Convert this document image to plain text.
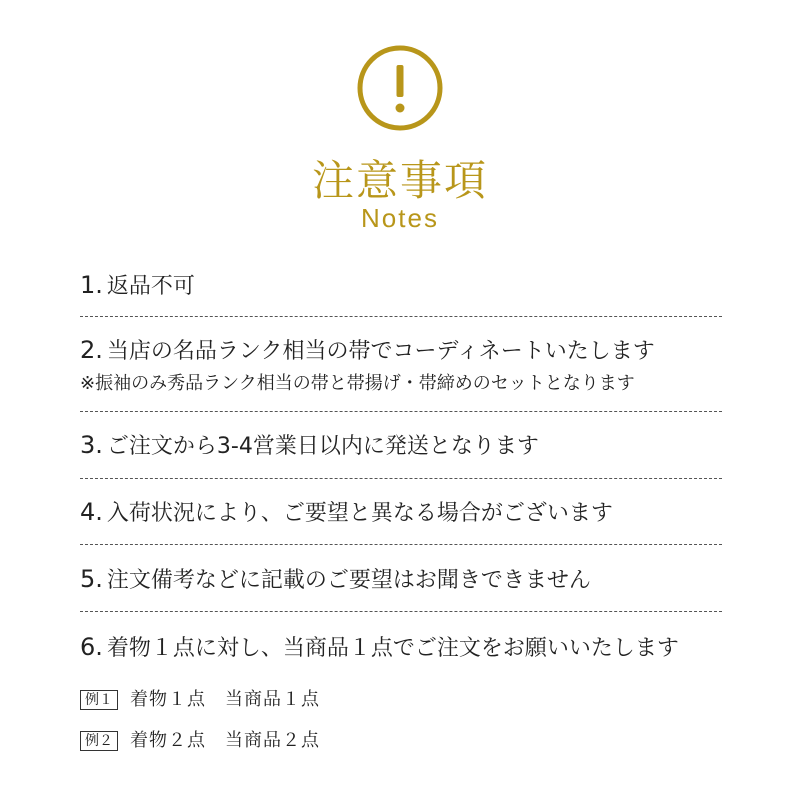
注意事項
Notes
1. 返品不可
2. 当店の名品ランク相当の帯でコーディネートいたします
※振袖のみ秀品ランク相当の帯と帯揚げ・帯締めのセットとなります
3. ご注文から3-4営業日以内に発送となります
4. 入荷状況により、ご要望と異なる場合がございます
5. 注文備考などに記載のご要望はお聞きできません
6. 着物１点に対し、当商品１点でご注文をお願いいたします
例１ 着物１点　当商品１点
例２ 着物２点　当商品２点
